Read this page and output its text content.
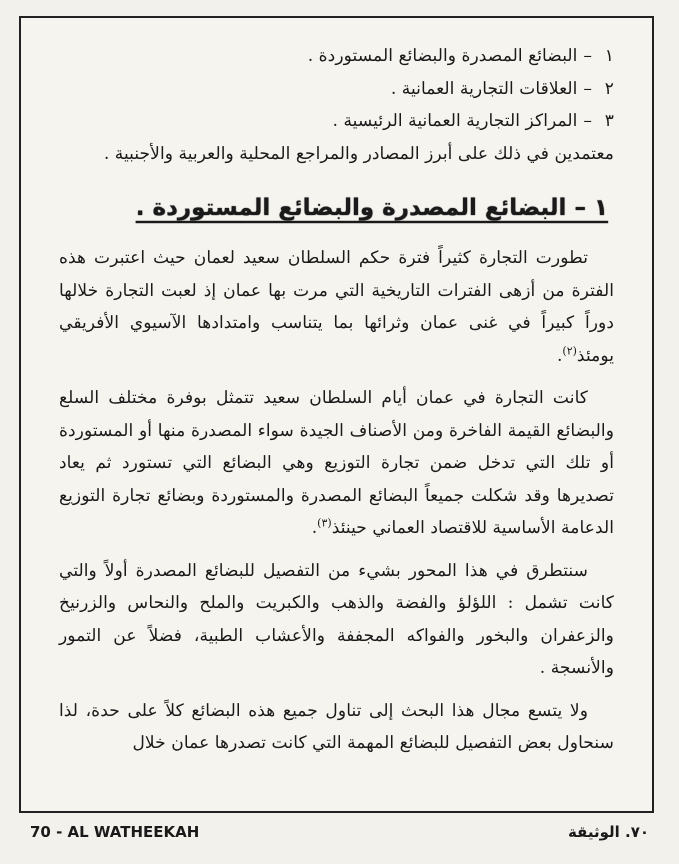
١–البضائع المصدرة والبضائع المستوردة .
٢–العلاقات التجارية العمانية .
٣–المراكز التجارية العمانية الرئيسية .

معتمدين في ذلك على أبرز المصادر والمراجع المحلية والعربية والأجنبية .

١ – البضائع المصدرة والبضائع المستوردة .

تطورت التجارة كثيراً فترة حكم السلطان سعيد لعمان حيث اعتبرت هذه الفترة من أزهى الفترات التاريخية التي مرت بها عمان إذ لعبت التجارة خلالها دوراً كبيراً في غنى عمان وثرائها بما يتناسب وامتدادها الآسيوي الأفريقي يومئذ$^{(٢)}$.

كانت التجارة في عمان أيام السلطان سعيد تتمثل بوفرة مختلف السلع والبضائع القيمة الفاخرة ومن الأصناف الجيدة سواء المصدرة منها أو المستوردة أو تلك التي تدخل ضمن تجارة التوزيع وهي البضائع التي تستورد ثم يعاد تصديرها وقد شكلت جميعاً البضائع المصدرة والمستوردة وبضائع تجارة التوزيع الدعامة الأساسية للاقتصاد العماني حينئذ$^{(٣)}$.

سنتطرق في هذا المحور بشيء من التفصيل للبضائع المصدرة أولاً والتي كانت تشمل : اللؤلؤ والفضة والذهب والكبريت والملح والنحاس والزرنيخ والزعفران والبخور والفواكه المجففة والأعشاب الطبية، فضلاً عن التمور والأنسجة .

ولا يتسع مجال هذا البحث إلى تناول جميع هذه البضائع كلاً على حدة، لذا سنحاول بعض التفصيل للبضائع المهمة التي كانت تصدرها عمان خلال

70 - AL WATHEEKAH	٧٠. الوثيقة
